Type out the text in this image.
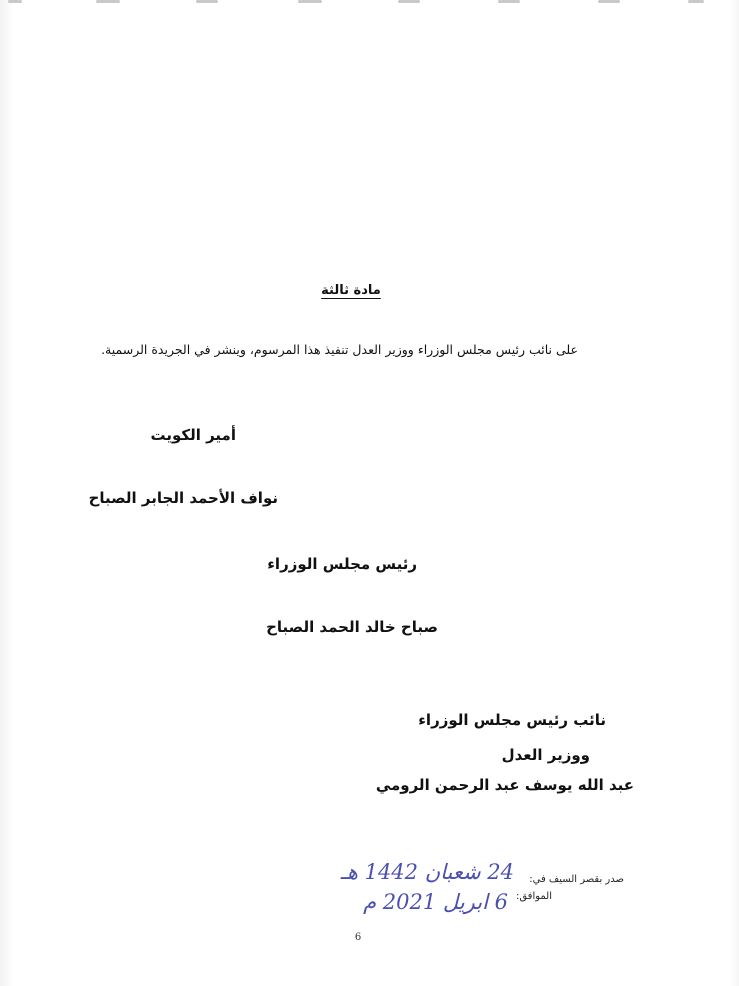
مادة ثالثة
على نائب رئيس مجلس الوزراء ووزير العدل تنفيذ هذا المرسوم، وينشر في الجريدة الرسمية.
أمير الكويت
نواف الأحمد الجابر الصباح
رئيس مجلس الوزراء
صباح خالد الحمد الصباح
نائب رئيس مجلس الوزراء
ووزير العدل
عبد الله يوسف عبد الرحمن الرومي
صدر بقصر السيف في:
الموافق:
24 شعبان 1442 هـ
6 ابريل 2021 م
6
